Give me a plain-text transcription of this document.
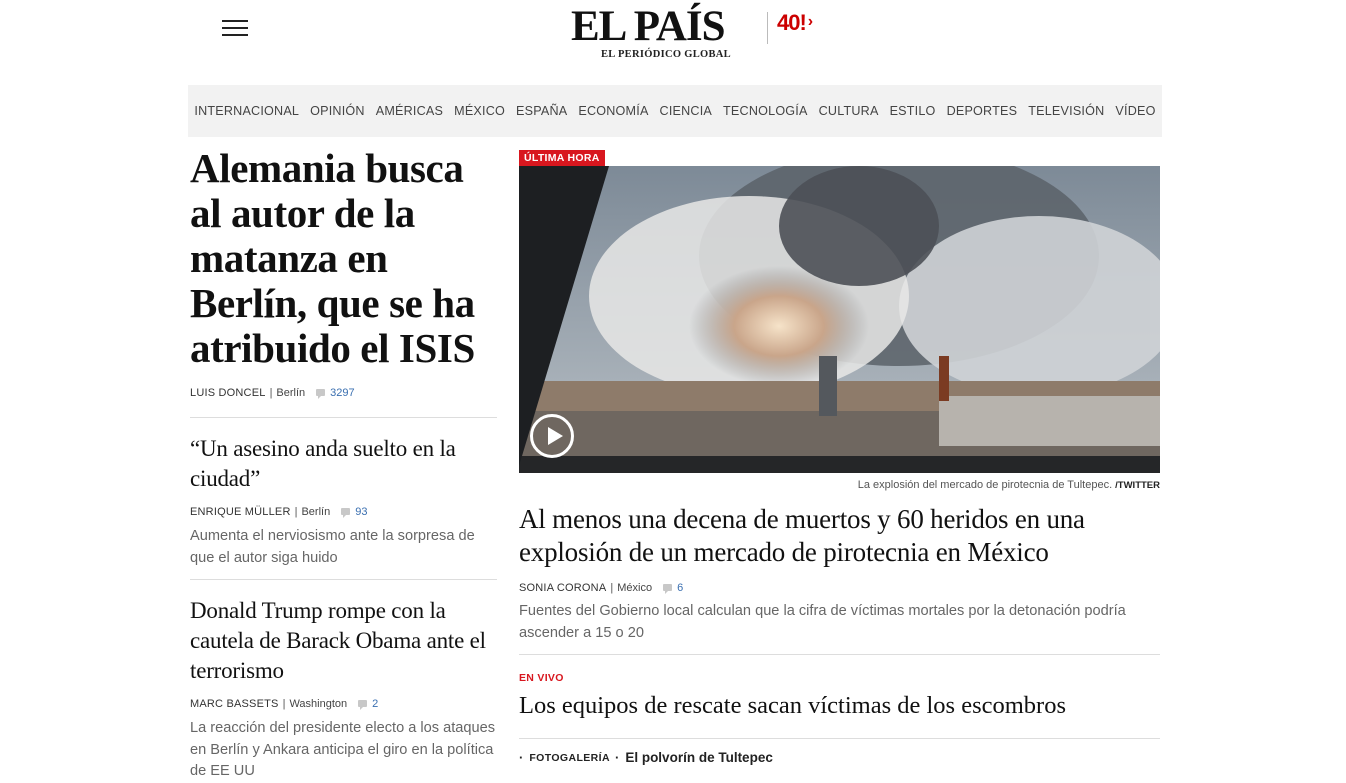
EL PAÍS
EL PERIÓDICO GLOBAL
40! ›
INTERNACIONAL OPINIÓN AMÉRICAS MÉXICO ESPAÑA ECONOMÍA CIENCIA TECNOLOGÍA CULTURA ESTILO DEPORTES TELEVISIÓN VÍDEO
Alemania busca al autor de la matanza en Berlín, que se ha atribuido el ISIS
LUIS DONCEL | Berlín 3297
“Un asesino anda suelto en la ciudad”
ENRIQUE MÜLLER | Berlín 93
Aumenta el nerviosismo ante la sorpresa de que el autor siga huido
Donald Trump rompe con la cautela de Barack Obama ante el terrorismo
MARC BASSETS | Washington 2
La reacción del presidente electo a los ataques en Berlín y Ankara anticipa el giro en la política de EE UU
ÚLTIMA HORA
La explosión del mercado de pirotecnia de Tultepec. /TWITTER
Al menos una decena de muertos y 60 heridos en una explosión de un mercado de pirotecnia en México
SONIA CORONA | México 6
Fuentes del Gobierno local calculan que la cifra de víctimas mortales por la detonación podría ascender a 15 o 20
EN VIVO
Los equipos de rescate sacan víctimas de los escombros
· FOTOGALERÍA · El polvorín de Tultepec
